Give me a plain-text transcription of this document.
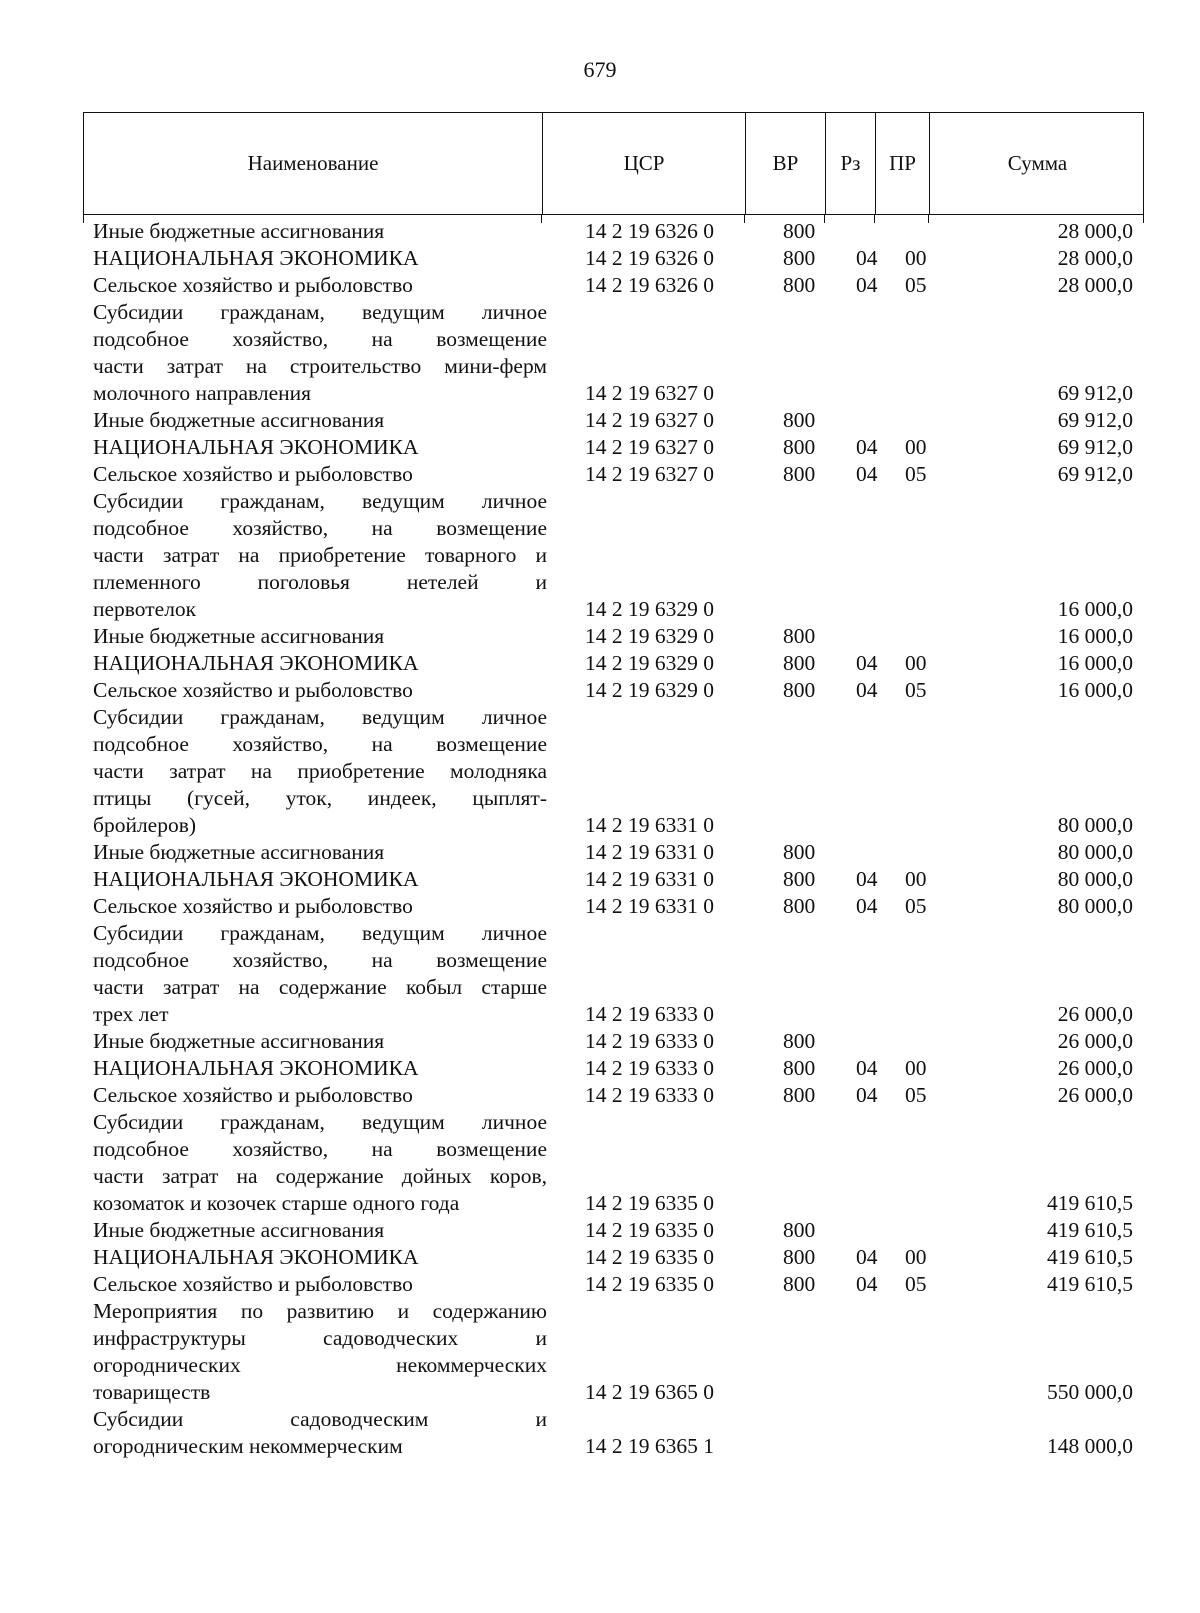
679
Наименование	ЦСР	ВР	Рз	ПР	Сумма
Иные бюджетные ассигнования	14 2 19 6326 0	800	28 000,0
НАЦИОНАЛЬНАЯ ЭКОНОМИКА	14 2 19 6326 0	800 04 00	28 000,0
Сельское хозяйство и рыболовство	14 2 19 6326 0	800 04 05	28 000,0
Субсидии гражданам, ведущим личное
подсобное хозяйство, на возмещение
части затрат на строительство мини-ферм
молочного направления	14 2 19 6327 0	69 912,0
Иные бюджетные ассигнования	14 2 19 6327 0	800	69 912,0
НАЦИОНАЛЬНАЯ ЭКОНОМИКА	14 2 19 6327 0	800 04 00	69 912,0
Сельское хозяйство и рыболовство	14 2 19 6327 0	800 04 05	69 912,0
Субсидии гражданам, ведущим личное
подсобное хозяйство, на возмещение
части затрат на приобретение товарного и
племенного поголовья нетелей и
первотелок	14 2 19 6329 0	16 000,0
Иные бюджетные ассигнования	14 2 19 6329 0	800	16 000,0
НАЦИОНАЛЬНАЯ ЭКОНОМИКА	14 2 19 6329 0	800 04 00	16 000,0
Сельское хозяйство и рыболовство	14 2 19 6329 0	800 04 05	16 000,0
Субсидии гражданам, ведущим личное
подсобное хозяйство, на возмещение
части затрат на приобретение молодняка
птицы (гусей, уток, индеек, цыплят-
бройлеров)	14 2 19 6331 0	80 000,0
Иные бюджетные ассигнования	14 2 19 6331 0	800	80 000,0
НАЦИОНАЛЬНАЯ ЭКОНОМИКА	14 2 19 6331 0	800 04 00	80 000,0
Сельское хозяйство и рыболовство	14 2 19 6331 0	800 04 05	80 000,0
Субсидии гражданам, ведущим личное
подсобное хозяйство, на возмещение
части затрат на содержание кобыл старше
трех лет	14 2 19 6333 0	26 000,0
Иные бюджетные ассигнования	14 2 19 6333 0	800	26 000,0
НАЦИОНАЛЬНАЯ ЭКОНОМИКА	14 2 19 6333 0	800 04 00	26 000,0
Сельское хозяйство и рыболовство	14 2 19 6333 0	800 04 05	26 000,0
Субсидии гражданам, ведущим личное
подсобное хозяйство, на возмещение
части затрат на содержание дойных коров,
козоматок и козочек старше одного года	14 2 19 6335 0	419 610,5
Иные бюджетные ассигнования	14 2 19 6335 0	800	419 610,5
НАЦИОНАЛЬНАЯ ЭКОНОМИКА	14 2 19 6335 0	800 04 00	419 610,5
Сельское хозяйство и рыболовство	14 2 19 6335 0	800 04 05	419 610,5
Мероприятия по развитию и содержанию
инфраструктуры садоводческих и
огороднических некоммерческих
товариществ	14 2 19 6365 0	550 000,0
Субсидии садоводческим и
огородническим некоммерческим	14 2 19 6365 1	148 000,0
